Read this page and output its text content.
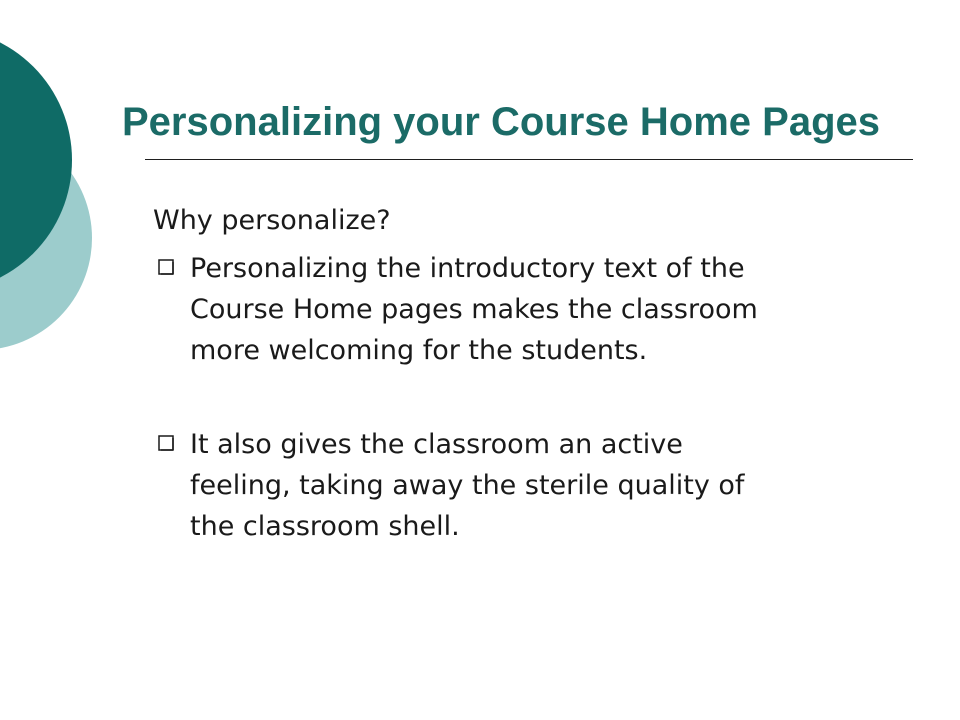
Personalizing your Course Home Pages
Why personalize?
Personalizing the introductory text of the
Course Home pages makes the classroom
more welcoming for the students.
It also gives the classroom an active
feeling, taking away the sterile quality of
the classroom shell.
